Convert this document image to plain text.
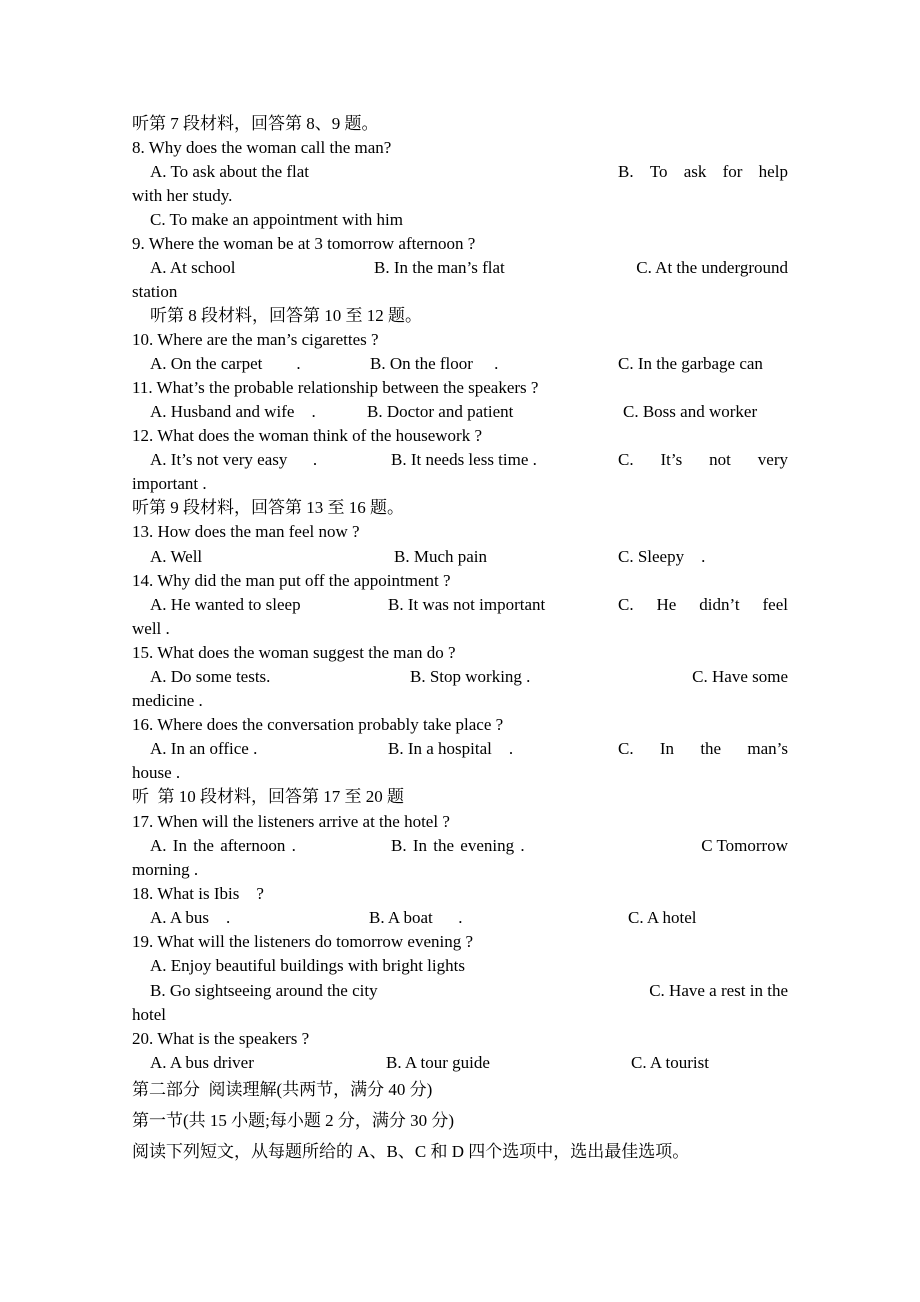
听第 7 段材料，回答第 8、9 题。
8. Why does the woman call the man?
A. To ask about the flat	B. To ask for help
with her study.
C. To make an appointment with him
9. Where the woman be at 3 tomorrow afternoon ?
A. At school	B. In the man’s flat	C. At the underground
station
听第 8 段材料，回答第 10 至 12 题。
10. Where are the man’s cigarettes ?
A. On the carpet        .	B. On the floor     .	C. In the garbage can
11. What’s the probable relationship between the speakers ?
A. Husband and wife    .	B. Doctor and patient	C. Boss and worker
12. What does the woman think of the housework ?
A. It’s not very easy      .	B. It needs less time .	C. It’s not very
important .
听第 9 段材料，回答第 13 至 16 题。
13. How does the man feel now ?
A. Well	B. Much pain	C. Sleepy    .
14. Why did the man put off the appointment ?
A. He wanted to sleep	B. It was not important	C. He didn’t feel
well .
15. What does the woman suggest the man do ?
A. Do some tests.	B. Stop working .	C. Have some
medicine .
16. Where does the conversation probably take place ?
A. In an office .	B. In a hospital    .	C. In the man’s
house .
听  第 10 段材料，回答第 17 至 20 题
17. When will the listeners arrive at the hotel ?
A. In the afternoon .	B. In the evening .	C Tomorrow
morning .
18. What is Ibis    ?
A. A bus    .	B. A boat      .	C. A hotel
19. What will the listeners do tomorrow evening ?
A. Enjoy beautiful buildings with bright lights
B. Go sightseeing around the city	C. Have a rest in the
hotel
20. What is the speakers ?
A. A bus driver	B. A tour guide	C. A tourist
第二部分  阅读理解(共两节，满分 40 分)
第一节(共 15 小题;每小题 2 分，满分 30 分)
阅读下列短文，从每题所给的 A、B、C 和 D 四个选项中，选出最佳选项。
